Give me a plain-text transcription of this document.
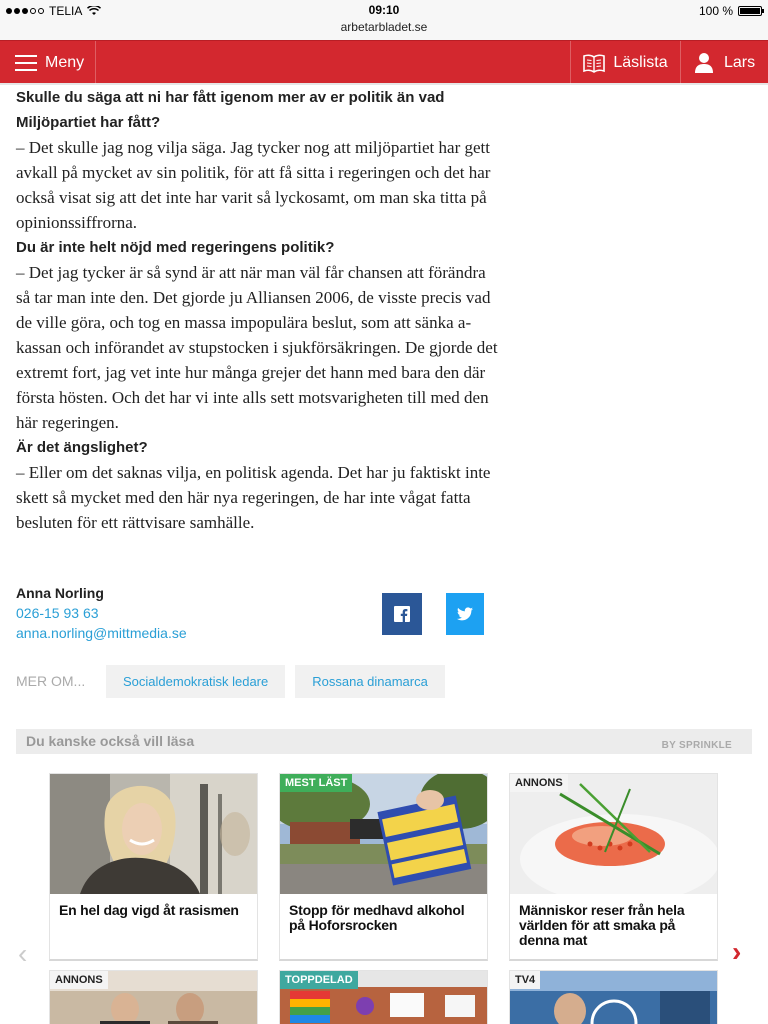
TELIA	09:10
arbetarbladet.se
100 %
Meny	Läslista	Lars

Skulle du säga att ni har fått igenom mer av er politik än vad Miljöpartiet har fått?

– Det skulle jag nog vilja säga. Jag tycker nog att miljöpartiet har gett avkall på mycket av sin politik, för att få sitta i regeringen och det har också visat sig att det inte har varit så lyckosamt, om man ska titta på opinionssiffrorna.

Du är inte helt nöjd med regeringens politik?

– Det jag tycker är så synd är att när man väl får chansen att förändra så tar man inte den. Det gjorde ju Alliansen 2006, de visste precis vad de ville göra, och tog en massa impopulära beslut, som att sänka a-kassan och införandet av stupstocken i sjukförsäkringen. De gjorde det extremt fort, jag vet inte hur många grejer det hann med bara den där första hösten. Och det har vi inte alls sett motsvarigheten till med den här regeringen.

Är det ängslighet?

– Eller om det saknas vilja, en politisk agenda. Det har ju faktiskt inte skett så mycket med den här nya regeringen, de har inte vågat fatta besluten för ett rättvisare samhälle.

Anna Norling
026-15 93 63
anna.norling@mittmedia.se
MER OM...	Socialdemokratisk ledare	Rossana dinamarca
Du kanske också vill läsa	BY SPRINKLE
En hel dag vigd åt rasismen
MEST LÄST
Stopp för medhavd alkohol på Hoforsrocken
ANNONS
Människor reser från hela världen för att smaka på denna mat
‹	›
ANNONS	TOPPDELAD	TV4
